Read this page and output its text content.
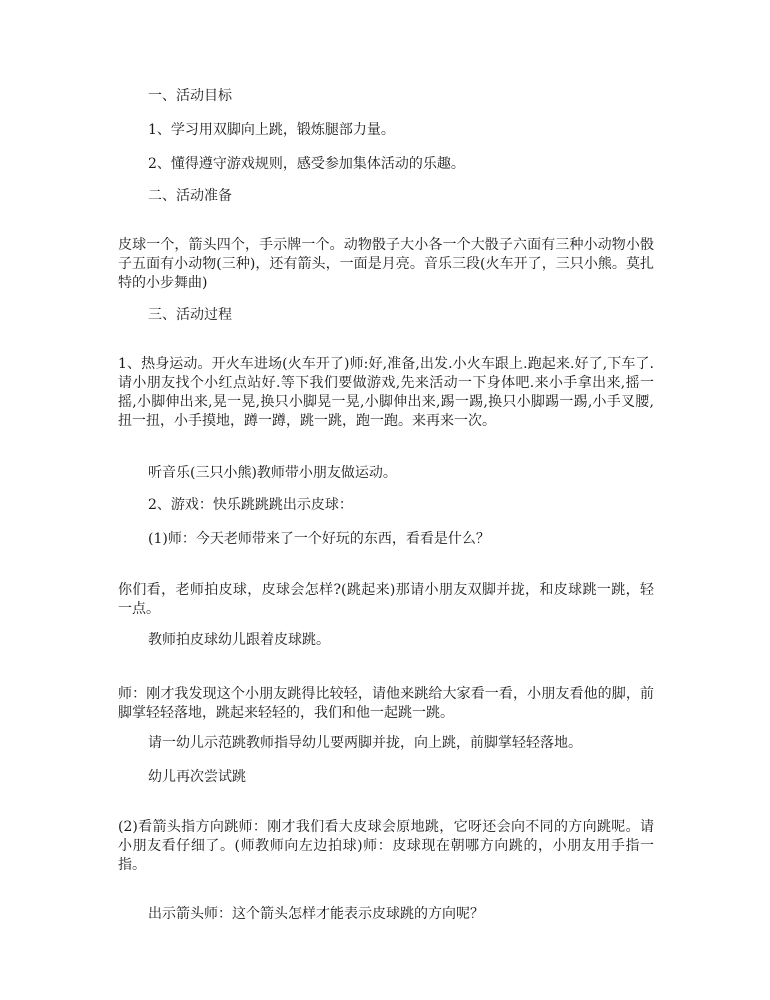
一、活动目标

1、学习用双脚向上跳，锻炼腿部力量。

2、懂得遵守游戏规则，感受参加集体活动的乐趣。

二、活动准备

皮球一个，箭头四个，手示牌一个。动物骰子大小各一个大骰子六面有三种小动物小骰子五面有小动物(三种)，还有箭头，一面是月亮。音乐三段(火车开了，三只小熊。莫扎特的小步舞曲)

三、活动过程

1、热身运动。开火车进场(火车开了)师:好,准备,出发.小火车跟上.跑起来.好了,下车了.请小朋友找个小红点站好.等下我们要做游戏,先来活动一下身体吧.来小手拿出来,摇一摇,小脚伸出来,晃一晃,换只小脚晃一晃,小脚伸出来,踢一踢,换只小脚踢一踢,小手叉腰,扭一扭，小手摸地，蹲一蹲，跳一跳，跑一跑。来再来一次。

听音乐(三只小熊)教师带小朋友做运动。

2、游戏：快乐跳跳跳出示皮球：

(1)师：今天老师带来了一个好玩的东西，看看是什么？

你们看，老师拍皮球，皮球会怎样?(跳起来)那请小朋友双脚并拢，和皮球跳一跳，轻一点。

教师拍皮球幼儿跟着皮球跳。

师：刚才我发现这个小朋友跳得比较轻，请他来跳给大家看一看，小朋友看他的脚，前脚掌轻轻落地，跳起来轻轻的，我们和他一起跳一跳。

请一幼儿示范跳教师指导幼儿要两脚并拢，向上跳，前脚掌轻轻落地。

幼儿再次尝试跳

(2)看箭头指方向跳师：刚才我们看大皮球会原地跳，它呀还会向不同的方向跳呢。请小朋友看仔细了。(师教师向左边拍球)师：皮球现在朝哪方向跳的，小朋友用手指一指。

出示箭头师：这个箭头怎样才能表示皮球跳的方向呢？
